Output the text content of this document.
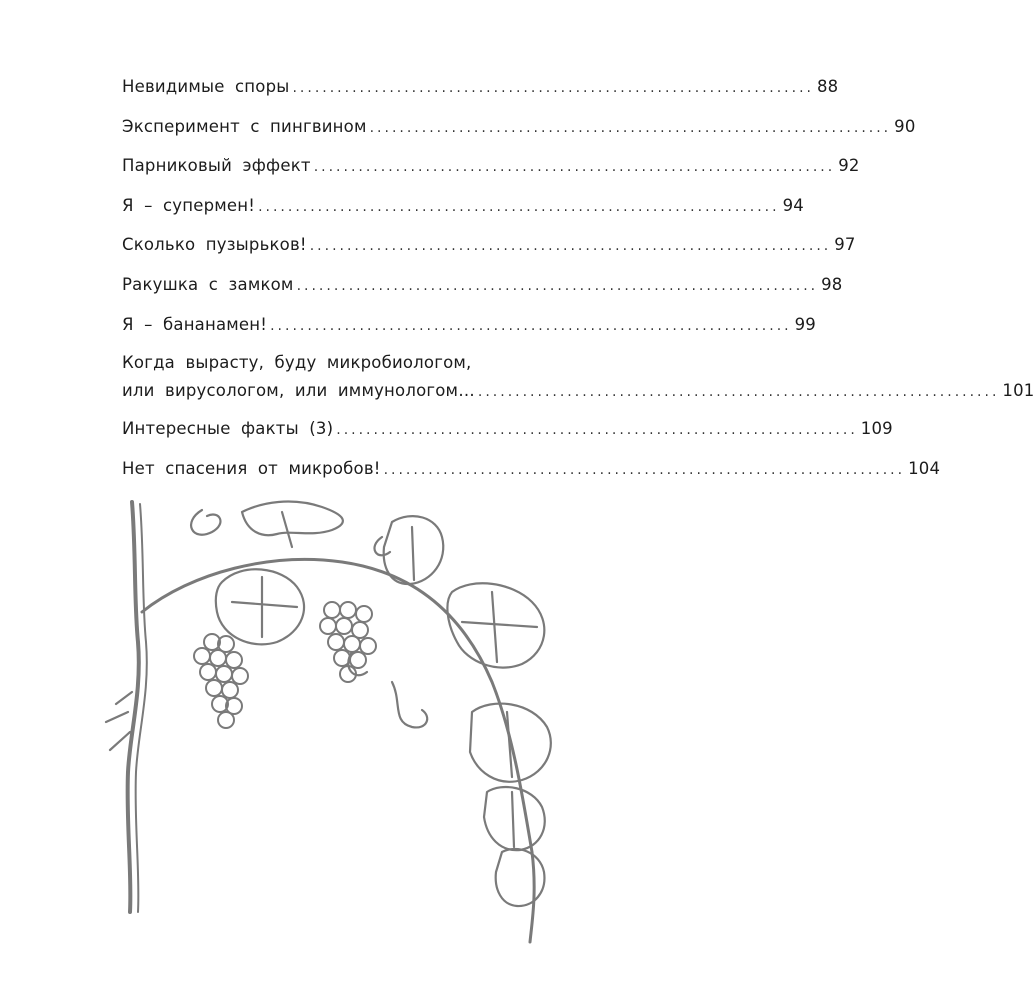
Невидимые споры ...................................................................... 88
Эксперимент с пингвином ...................................................................... 90
Парниковый эффект ...................................................................... 92
Я – супермен! ...................................................................... 94
Сколько пузырьков! ...................................................................... 97
Ракушка с замком ...................................................................... 98
Я – бананамен! ...................................................................... 99
Когда вырасту, буду микробиологом,
или вирусологом, или иммунологом… ...................................................................... 101
Интересные факты (3) ...................................................................... 109
Нет спасения от микробов! ...................................................................... 104
